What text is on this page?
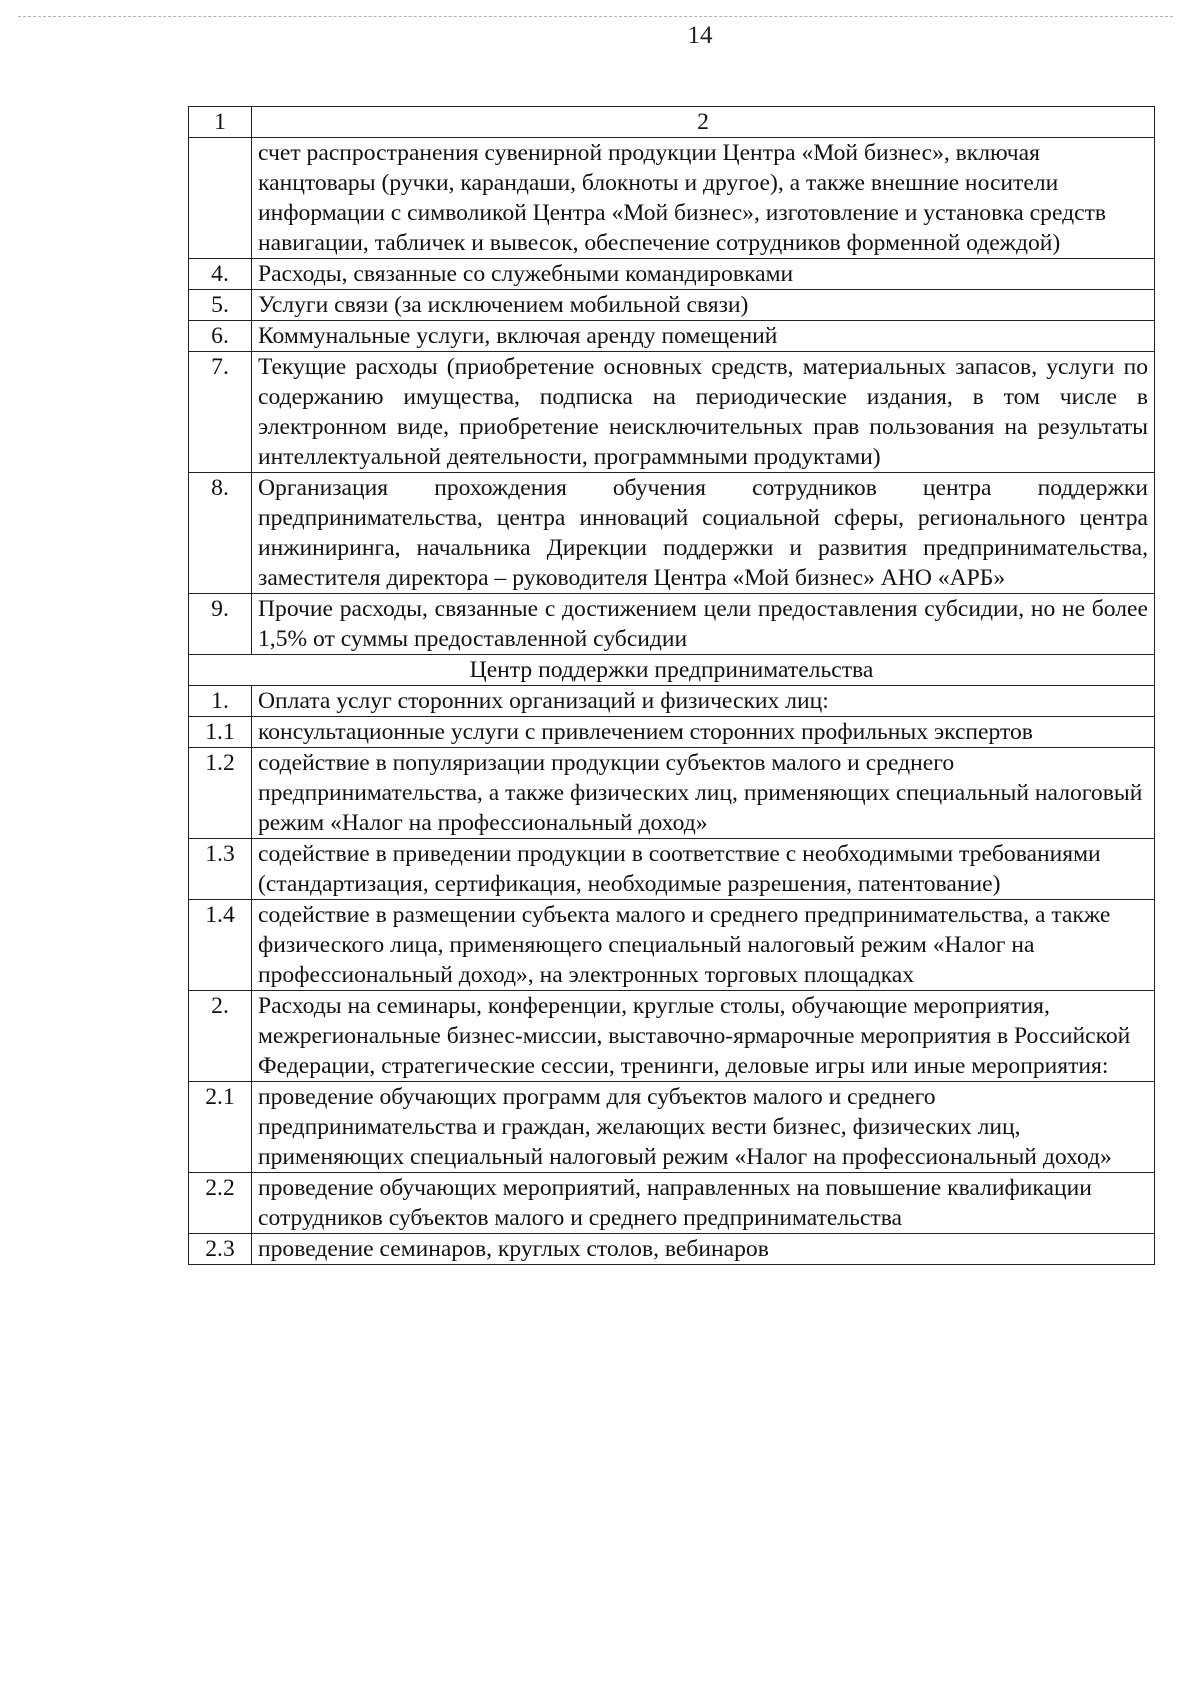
14
1	2
	счет распространения сувенирной продукции Центра «Мой бизнес», включая канцтовары (ручки, карандаши, блокноты и другое), а также внешние носители информации с символикой Центра «Мой бизнес», изготовление и установка средств навигации, табличек и вывесок, обеспечение сотрудников форменной одеждой)
4.	Расходы, связанные со служебными командировками
5.	Услуги связи (за исключением мобильной связи)
6.	Коммунальные услуги, включая аренду помещений
7.	Текущие расходы (приобретение основных средств, материальных запасов, услуги по содержанию имущества, подписка на периодические издания, в том числе в электронном виде, приобретение неисключительных прав пользования на результаты интеллектуальной деятельности, программными продуктами)
8.	Организация прохождения обучения сотрудников центра поддержки предпринимательства, центра инноваций социальной сферы, регионального центра инжиниринга, начальника Дирекции поддержки и развития предпринимательства, заместителя директора – руководителя Центра «Мой бизнес» АНО «АРБ»
9.	Прочие расходы, связанные с достижением цели предоставления субсидии, но не более 1,5% от суммы предоставленной субсидии
Центр поддержки предпринимательства	
1.	Оплата услуг сторонних организаций и физических лиц:
1.1	консультационные услуги с привлечением сторонних профильных экспертов
1.2	содействие в популяризации продукции субъектов малого и среднего предпринимательства, а также физических лиц, применяющих специальный налоговый режим «Налог на профессиональный доход»
1.3	содействие в приведении продукции в соответствие с необходимыми требованиями (стандартизация, сертификация, необходимые разрешения, патентование)
1.4	содействие в размещении субъекта малого и среднего предпринимательства, а также физического лица, применяющего специальный налоговый режим «Налог на профессиональный доход», на электронных торговых площадках
2.	Расходы на семинары, конференции, круглые столы, обучающие мероприятия, межрегиональные бизнес-миссии, выставочно-ярмарочные мероприятия в Российской Федерации, стратегические сессии, тренинги, деловые игры или иные мероприятия:
2.1	проведение обучающих программ для субъектов малого и среднего предпринимательства и граждан, желающих вести бизнес, физических лиц, применяющих специальный налоговый режим «Налог на профессиональный доход»
2.2	проведение обучающих мероприятий, направленных на повышение квалификации сотрудников субъектов малого и среднего предпринимательства
2.3	проведение семинаров, круглых столов, вебинаров
